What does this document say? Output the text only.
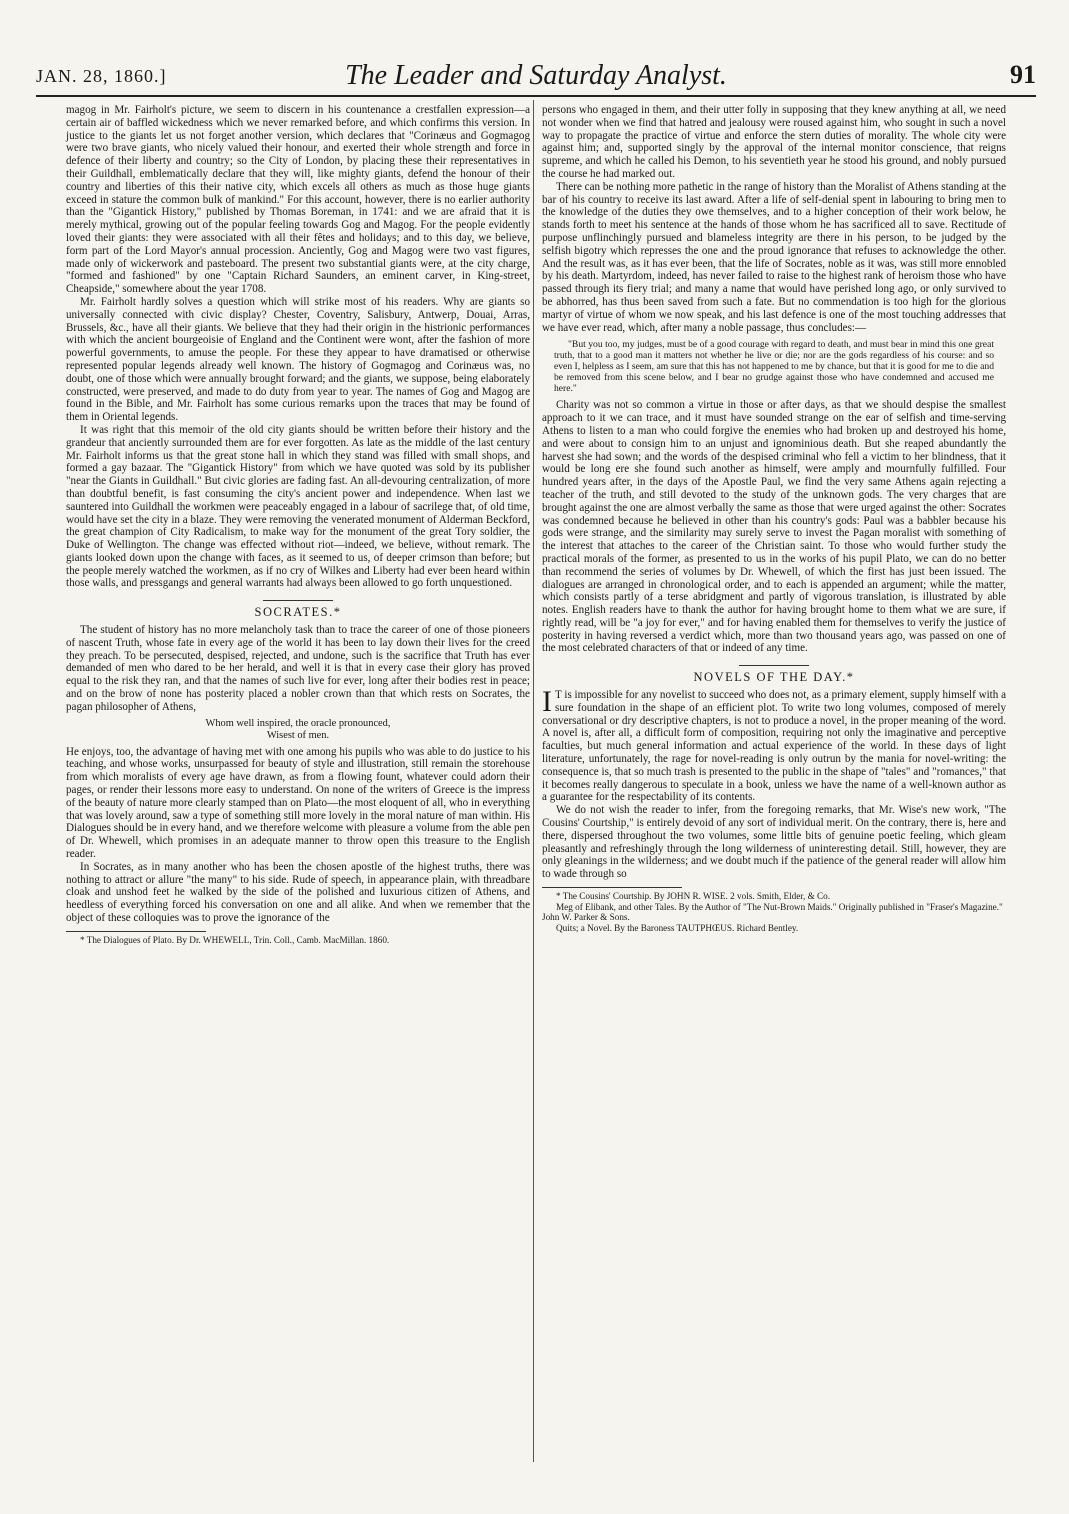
JAN. 28, 1860.]	The Leader and Saturday Analyst.	91

magog in Mr. Fairholt's picture, we seem to discern in his countenance a crestfallen expression—a certain air of baffled wickedness which we never remarked before, and which confirms this version. In justice to the giants let us not forget another version, which declares that "Corinæus and Gogmagog were two brave giants, who nicely valued their honour, and exerted their whole strength and force in defence of their liberty and country; so the City of London, by placing these their representatives in their Guildhall, emblematically declare that they will, like mighty giants, defend the honour of their country and liberties of this their native city, which excels all others as much as those huge giants exceed in stature the common bulk of mankind." For this account, however, there is no earlier authority than the "Gigantick History," published by Thomas Boreman, in 1741: and we are afraid that it is merely mythical, growing out of the popular feeling towards Gog and Magog. For the people evidently loved their giants: they were associated with all their fêtes and holidays; and to this day, we believe, form part of the Lord Mayor's annual procession. Anciently, Gog and Magog were two vast figures, made only of wickerwork and pasteboard. The present two substantial giants were, at the city charge, "formed and fashioned" by one "Captain Richard Saunders, an eminent carver, in King-street, Cheapside," somewhere about the year 1708.

Mr. Fairholt hardly solves a question which will strike most of his readers. Why are giants so universally connected with civic display? Chester, Coventry, Salisbury, Antwerp, Douai, Arras, Brussels, &c., have all their giants. We believe that they had their origin in the histrionic performances with which the ancient bourgeoisie of England and the Continent were wont, after the fashion of more powerful governments, to amuse the people. For these they appear to have dramatised or otherwise represented popular legends already well known. The history of Gogmagog and Corinæus was, no doubt, one of those which were annually brought forward; and the giants, we suppose, being elaborately constructed, were preserved, and made to do duty from year to year. The names of Gog and Magog are found in the Bible, and Mr. Fairholt has some curious remarks upon the traces that may be found of them in Oriental legends.

It was right that this memoir of the old city giants should be written before their history and the grandeur that anciently surrounded them are for ever forgotten. As late as the middle of the last century Mr. Fairholt informs us that the great stone hall in which they stand was filled with small shops, and formed a gay bazaar. The "Gigantick History" from which we have quoted was sold by its publisher "near the Giants in Guildhall." But civic glories are fading fast. An all-devouring centralization, of more than doubtful benefit, is fast consuming the city's ancient power and independence. When last we sauntered into Guildhall the workmen were peaceably engaged in a labour of sacrilege that, of old time, would have set the city in a blaze. They were removing the venerated monument of Alderman Beckford, the great champion of City Radicalism, to make way for the monument of the great Tory soldier, the Duke of Wellington. The change was effected without riot—indeed, we believe, without remark. The giants looked down upon the change with faces, as it seemed to us, of deeper crimson than before; but the people merely watched the workmen, as if no cry of Wilkes and Liberty had ever been heard within those walls, and pressgangs and general warrants had always been allowed to go forth unquestioned.

SOCRATES.*

The student of history has no more melancholy task than to trace the career of one of those pioneers of nascent Truth, whose fate in every age of the world it has been to lay down their lives for the creed they preach. To be persecuted, despised, rejected, and undone, such is the sacrifice that Truth has ever demanded of men who dared to be her herald, and well it is that in every case their glory has proved equal to the risk they ran, and that the names of such live for ever, long after their bodies rest in peace; and on the brow of none has posterity placed a nobler crown than that which rests on Socrates, the pagan philosopher of Athens,

Whom well inspired, the oracle pronounced,
Wisest of men.

He enjoys, too, the advantage of having met with one among his pupils who was able to do justice to his teaching, and whose works, unsurpassed for beauty of style and illustration, still remain the storehouse from which moralists of every age have drawn, as from a flowing fount, whatever could adorn their pages, or render their lessons more easy to understand. On none of the writers of Greece is the impress of the beauty of nature more clearly stamped than on Plato—the most eloquent of all, who in everything that was lovely around, saw a type of something still more lovely in the moral nature of man within. His Dialogues should be in every hand, and we therefore welcome with pleasure a volume from the able pen of Dr. Whewell, which promises in an adequate manner to throw open this treasure to the English reader.

In Socrates, as in many another who has been the chosen apostle of the highest truths, there was nothing to attract or allure "the many" to his side. Rude of speech, in appearance plain, with threadbare cloak and unshod feet he walked by the side of the polished and luxurious citizen of Athens, and heedless of everything forced his conversation on one and all alike. And when we remember that the object of these colloquies was to prove the ignorance of the

* The Dialogues of Plato. By Dr. WHEWELL, Trin. Coll., Camb. MacMillan. 1860.

persons who engaged in them, and their utter folly in supposing that they knew anything at all, we need not wonder when we find that hatred and jealousy were roused against him, who sought in such a novel way to propagate the practice of virtue and enforce the stern duties of morality. The whole city were against him; and, supported singly by the approval of the internal monitor conscience, that reigns supreme, and which he called his Demon, to his seventieth year he stood his ground, and nobly pursued the course he had marked out.

There can be nothing more pathetic in the range of history than the Moralist of Athens standing at the bar of his country to receive its last award. After a life of self-denial spent in labouring to bring men to the knowledge of the duties they owe themselves, and to a higher conception of their work below, he stands forth to meet his sentence at the hands of those whom he has sacrificed all to save. Rectitude of purpose unflinchingly pursued and blameless integrity are there in his person, to be judged by the selfish bigotry which represses the one and the proud ignorance that refuses to acknowledge the other. And the result was, as it has ever been, that the life of Socrates, noble as it was, was still more ennobled by his death. Martyrdom, indeed, has never failed to raise to the highest rank of heroism those who have passed through its fiery trial; and many a name that would have perished long ago, or only survived to be abhorred, has thus been saved from such a fate. But no commendation is too high for the glorious martyr of virtue of whom we now speak, and his last defence is one of the most touching addresses that we have ever read, which, after many a noble passage, thus concludes:—

"But you too, my judges, must be of a good courage with regard to death, and must bear in mind this one great truth, that to a good man it matters not whether he live or die; nor are the gods regardless of his course: and so even I, helpless as I seem, am sure that this has not happened to me by chance, but that it is good for me to die and be removed from this scene below, and I bear no grudge against those who have condemned and accused me here."

Charity was not so common a virtue in those or after days, as that we should despise the smallest approach to it we can trace, and it must have sounded strange on the ear of selfish and time-serving Athens to listen to a man who could forgive the enemies who had broken up and destroyed his home, and were about to consign him to an unjust and ignominious death. But she reaped abundantly the harvest she had sown; and the words of the despised criminal who fell a victim to her blindness, that it would be long ere she found such another as himself, were amply and mournfully fulfilled. Four hundred years after, in the days of the Apostle Paul, we find the very same Athens again rejecting a teacher of the truth, and still devoted to the study of the unknown gods. The very charges that are brought against the one are almost verbally the same as those that were urged against the other: Socrates was condemned because he believed in other than his country's gods: Paul was a babbler because his gods were strange, and the similarity may surely serve to invest the Pagan moralist with something of the interest that attaches to the career of the Christian saint. To those who would further study the practical morals of the former, as presented to us in the works of his pupil Plato, we can do no better than recommend the series of volumes by Dr. Whewell, of which the first has just been issued. The dialogues are arranged in chronological order, and to each is appended an argument; while the matter, which consists partly of a terse abridgment and partly of vigorous translation, is illustrated by able notes. English readers have to thank the author for having brought home to them what we are sure, if rightly read, will be "a joy for ever," and for having enabled them for themselves to verify the justice of posterity in having reversed a verdict which, more than two thousand years ago, was passed on one of the most celebrated characters of that or indeed of any time.

NOVELS OF THE DAY.*

I T is impossible for any novelist to succeed who does not, as a primary element, supply himself with a sure foundation in the shape of an efficient plot. To write two long volumes, composed of merely conversational or dry descriptive chapters, is not to produce a novel, in the proper meaning of the word. A novel is, after all, a difficult form of composition, requiring not only the imaginative and perceptive faculties, but much general information and actual experience of the world. In these days of light literature, unfortunately, the rage for novel-reading is only outrun by the mania for novel-writing: the consequence is, that so much trash is presented to the public in the shape of "tales" and "romances," that it becomes really dangerous to speculate in a book, unless we have the name of a well-known author as a guarantee for the respectability of its contents.

We do not wish the reader to infer, from the foregoing remarks, that Mr. Wise's new work, "The Cousins' Courtship," is entirely devoid of any sort of individual merit. On the contrary, there is, here and there, dispersed throughout the two volumes, some little bits of genuine poetic feeling, which gleam pleasantly and refreshingly through the long wilderness of uninteresting detail. Still, however, they are only gleanings in the wilderness; and we doubt much if the patience of the general reader will allow him to wade through so

* The Cousins' Courtship. By JOHN R. WISE. 2 vols. Smith, Elder, & Co.

Meg of Elibank, and other Tales. By the Author of "The Nut-Brown Maids." Originally published in "Fraser's Magazine." John W. Parker & Sons.

Quits; a Novel. By the Baroness TAUTPHŒUS. Richard Bentley.
